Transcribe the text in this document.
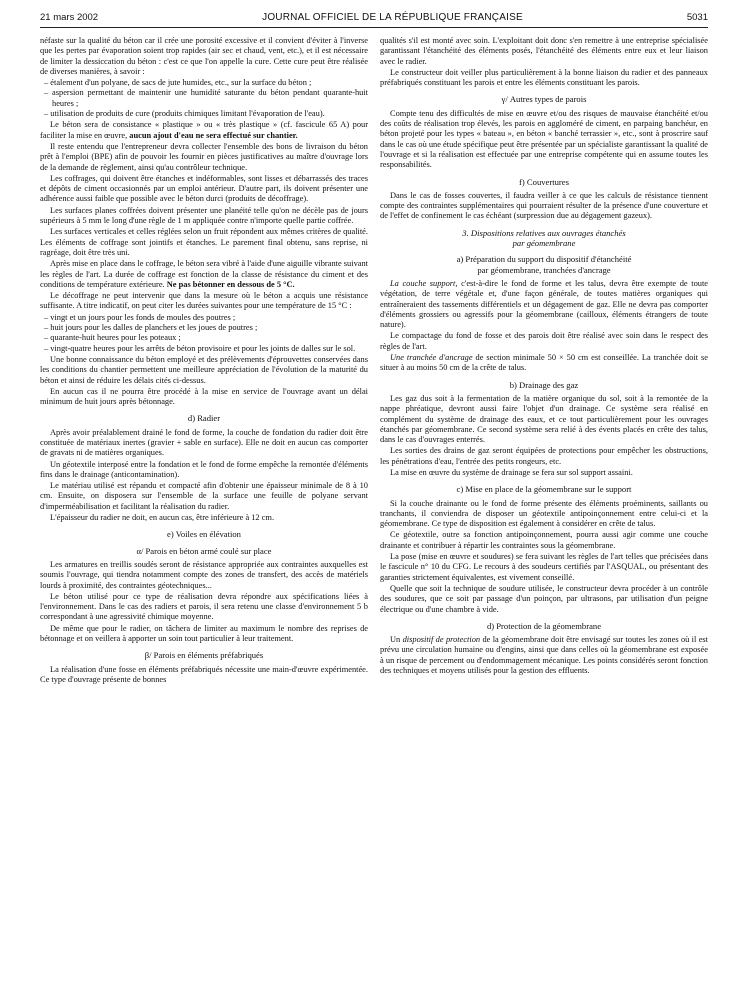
21 mars 2002	JOURNAL OFFICIEL DE LA RÉPUBLIQUE FRANÇAISE	5031

néfaste sur la qualité du béton car il crée une porosité excessive et il convient d'éviter à l'inverse que les pertes par évaporation soient trop rapides (air sec et chaud, vent, etc.), et il est nécessaire de limiter la dessiccation du béton : c'est ce que l'on appelle la cure. Cette cure peut être réalisée de diverses manières, à savoir :

– étalement d'un polyane, de sacs de jute humides, etc., sur la surface du béton ;
– aspersion permettant de maintenir une humidité saturante du béton pendant quarante-huit heures ;
– utilisation de produits de cure (produits chimiques limitant l'évaporation de l'eau).

Le béton sera de consistance « plastique » ou « très plastique » (cf. fascicule 65 A) pour faciliter la mise en œuvre, aucun ajout d'eau ne sera effectué sur chantier.

Il reste entendu que l'entrepreneur devra collecter l'ensemble des bons de livraison du béton prêt à l'emploi (BPE) afin de pouvoir les fournir en pièces justificatives au maître d'ouvrage lors de la demande de règlement, ainsi qu'au contrôleur technique.

Les coffrages, qui doivent être étanches et indéformables, sont lisses et débarrassés des traces et dépôts de ciment occasionnés par un emploi antérieur. D'autre part, ils doivent présenter une adhérence aussi faible que possible avec le béton durci (produits de décoffrage).

Les surfaces planes coffrées doivent présenter une planéité telle qu'on ne décèle pas de jours supérieurs à 5 mm le long d'une règle de 1 m appliquée contre n'importe quelle partie coffrée.

Les surfaces verticales et celles réglées selon un fruit répondent aux mêmes critères de qualité. Les éléments de coffrage sont jointifs et étanches. Le parement final obtenu, sans reprise, ni ragréage, doit être très uni.

Après mise en place dans le coffrage, le béton sera vibré à l'aide d'une aiguille vibrante suivant les règles de l'art. La durée de coffrage est fonction de la classe de résistance du ciment et des conditions de température extérieure. Ne pas bétonner en dessous de 5 °C.

Le décoffrage ne peut intervenir que dans la mesure où le béton a acquis une résistance suffisante. A titre indicatif, on peut citer les durées suivantes pour une température de 15 °C :

– vingt et un jours pour les fonds de moules des poutres ;
– huit jours pour les dalles de planchers et les joues de poutres ;
– quarante-huit heures pour les poteaux ;
– vingt-quatre heures pour les arrêts de béton provisoire et pour les joints de dalles sur le sol.

Une bonne connaissance du béton employé et des prélèvements d'éprouvettes conservées dans les conditions du chantier permettent une meilleure appréciation de l'évolution de la maturité du béton et ainsi de réduire les délais cités ci-dessus.

En aucun cas il ne pourra être procédé à la mise en service de l'ouvrage avant un délai minimum de huit jours après bétonnage.

d) Radier

Après avoir préalablement drainé le fond de forme, la couche de fondation du radier doit être constituée de matériaux inertes (gravier + sable en surface). Elle ne doit en aucun cas comporter de gravats ni de matières organiques.

Un géotextile interposé entre la fondation et le fond de forme empêche la remontée d'éléments fins dans le drainage (anticontamination).

Le matériau utilisé est répandu et compacté afin d'obtenir une épaisseur minimale de 8 à 10 cm. Ensuite, on disposera sur l'ensemble de la surface une feuille de polyane servant d'imperméabilisation et facilitant la réalisation du radier.

L'épaisseur du radier ne doit, en aucun cas, être inférieure à 12 cm.

e) Voiles en élévation
α/ Parois en béton armé coulé sur place

Les armatures en treillis soudés seront de résistance appropriée aux contraintes auxquelles est soumis l'ouvrage, qui tiendra notamment compte des zones de transfert, des accès de matériels lourds à proximité, des contraintes géotechniques...

Le béton utilisé pour ce type de réalisation devra répondre aux spécifications liées à l'environnement. Dans le cas des radiers et parois, il sera retenu une classe d'environnement 5 b correspondant à une agressivité chimique moyenne.

De même que pour le radier, on tâchera de limiter au maximum le nombre des reprises de bétonnage et on veillera à apporter un soin tout particulier à leur traitement.

β/ Parois en éléments préfabriqués

La réalisation d'une fosse en éléments préfabriqués nécessite une main-d'œuvre expérimentée. Ce type d'ouvrage présente de bonnes

qualités s'il est monté avec soin. L'exploitant doit donc s'en remettre à une entreprise spécialisée garantissant l'étanchéité des éléments posés, l'étanchéité des éléments entre eux et leur liaison avec le radier.

Le constructeur doit veiller plus particulièrement à la bonne liaison du radier et des panneaux préfabriqués constituant les parois et entre les éléments constituant les parois.

γ/ Autres types de parois

Compte tenu des difficultés de mise en œuvre et/ou des risques de mauvaise étanchéité et/ou des coûts de réalisation trop élevés, les parois en aggloméré de ciment, en parpaing banchéur, en béton projeté pour les types « bateau », en béton « banché terrassier », etc., sont à proscrire sauf dans le cas où une étude spécifique peut être présentée par un spécialiste garantissant la qualité de l'ouvrage et si la réalisation est effectuée par une entreprise compétente qui en assume toutes les responsabilités.

f) Couvertures

Dans le cas de fosses couvertes, il faudra veiller à ce que les calculs de résistance tiennent compte des contraintes supplémentaires qui pourraient résulter de la présence d'une couverture et de l'effet de confinement le cas échéant (surpression due au dégagement gazeux).

3. Dispositions relatives aux ouvrages étanchés
par géomembrane
a) Préparation du support du dispositif d'étanchéité
par géomembrane, tranchées d'ancrage

La couche support, c'est-à-dire le fond de forme et les talus, devra être exempte de toute végétation, de terre végétale et, d'une façon générale, de toutes matières organiques qui entraîneraient des tassements différentiels et un dégagement de gaz. Elle ne devra pas comporter d'éléments grossiers ou agressifs pour la géomembrane (cailloux, éléments étrangers de toute nature).

Le compactage du fond de fosse et des parois doit être réalisé avec soin dans le respect des règles de l'art.

Une tranchée d'ancrage de section minimale 50 × 50 cm est conseillée. La tranchée doit se situer à au moins 50 cm de la crête de talus.

b) Drainage des gaz

Les gaz dus soit à la fermentation de la matière organique du sol, soit à la remontée de la nappe phréatique, devront aussi faire l'objet d'un drainage. Ce système sera réalisé en complément du système de drainage des eaux, et ce tout particulièrement pour les ouvrages étanchés par géomembrane. Ce second système sera relié à des évents placés en crête des talus, dans le cas d'ouvrages enterrés.

Les sorties des drains de gaz seront équipées de protections pour empêcher les obstructions, les pénétrations d'eau, l'entrée des petits rongeurs, etc.

La mise en œuvre du système de drainage se fera sur sol support assaini.

c) Mise en place de la géomembrane sur le support

Si la couche drainante ou le fond de forme présente des éléments proéminents, saillants ou tranchants, il conviendra de disposer un géotextile antipoinçonnement entre celui-ci et la géomembrane. Ce type de disposition est également à considérer en crête de talus.

Ce géotextile, outre sa fonction antipoinçonnement, pourra aussi agir comme une couche drainante et contribuer à répartir les contraintes sous la géomembrane.

La pose (mise en œuvre et soudures) se fera suivant les règles de l'art telles que précisées dans le fascicule n° 10 du CFG. Le recours à des soudeurs certifiés par l'ASQUAL, ou présentant des garanties strictement équivalentes, est vivement conseillé.

Quelle que soit la technique de soudure utilisée, le constructeur devra procéder à un contrôle des soudures, que ce soit par passage d'un poinçon, par ultrasons, par utilisation d'un peigne électrique ou d'une chambre à vide.

d) Protection de la géomembrane

Un dispositif de protection de la géomembrane doit être envisagé sur toutes les zones où il est prévu une circulation humaine ou d'engins, ainsi que dans celles où la géomembrane est exposée à un risque de percement ou d'endommagement mécanique. Les points considérés seront fonction des techniques et moyens utilisés pour la gestion des effluents.
